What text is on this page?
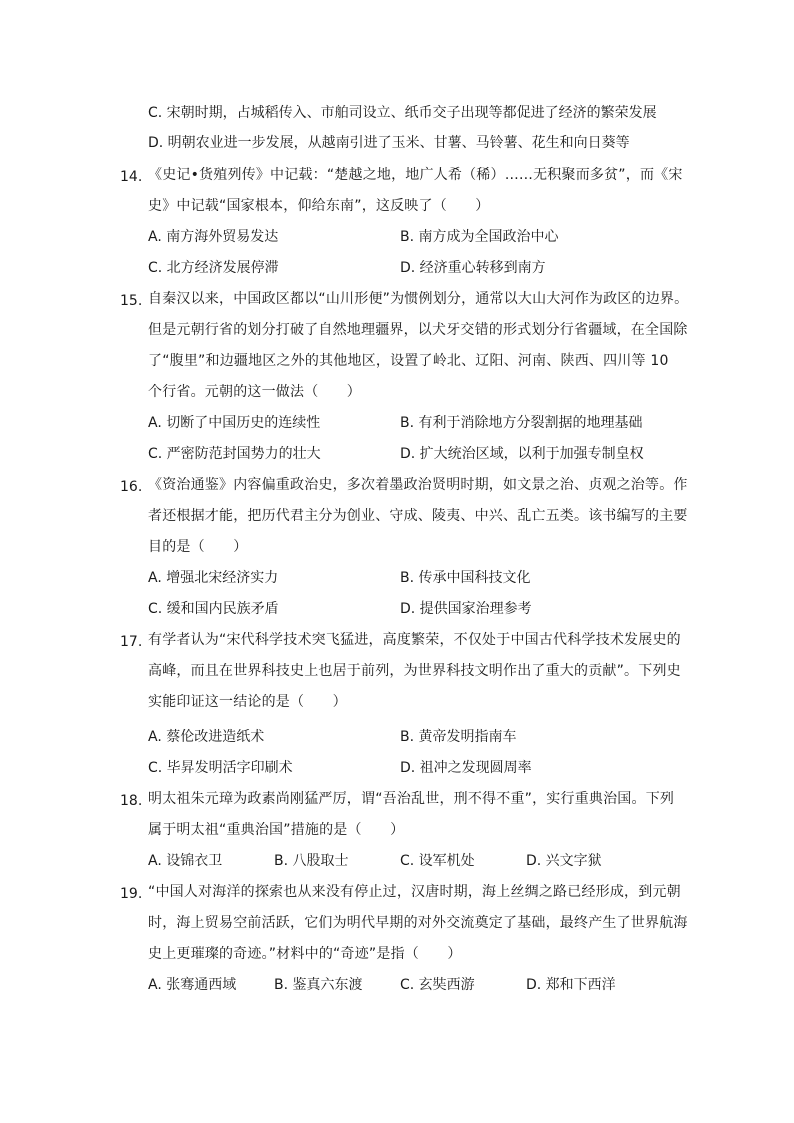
C. 宋朝时期，占城稻传入、市舶司设立、纸币交子出现等都促进了经济的繁荣发展
D. 明朝农业进一步发展，从越南引进了玉米、甘薯、马铃薯、花生和向日葵等
14. 《史记•货殖列传》中记载：“楚越之地，地广人希（稀）……无积聚而多贫”，而《宋
史》中记载“国家根本，仰给东南”，这反映了（　　）
A. 南方海外贸易发达	B. 南方成为全国政治中心
C. 北方经济发展停滞	D. 经济重心转移到南方
15. 自秦汉以来，中国政区都以“山川形便”为惯例划分，通常以大山大河作为政区的边界。
但是元朝行省的划分打破了自然地理疆界，以犬牙交错的形式划分行省疆域，在全国除
了“腹里”和边疆地区之外的其他地区，设置了岭北、辽阳、河南、陕西、四川等 10
个行省。元朝的这一做法（　　）
A. 切断了中国历史的连续性	B. 有利于消除地方分裂割据的地理基础
C. 严密防范封国势力的壮大	D. 扩大统治区域，以利于加强专制皇权
16. 《资治通鉴》内容偏重政治史，多次着墨政治贤明时期，如文景之治、贞观之治等。作
者还根据才能，把历代君主分为创业、守成、陵夷、中兴、乱亡五类。该书编写的主要
目的是（　　）
A. 增强北宋经济实力	B. 传承中国科技文化
C. 缓和国内民族矛盾	D. 提供国家治理参考
17. 有学者认为“宋代科学技术突飞猛进，高度繁荣，不仅处于中国古代科学技术发展史的
高峰，而且在世界科技史上也居于前列，为世界科技文明作出了重大的贡献”。下列史
实能印证这一结论的是（　　）
A. 蔡伦改进造纸术	B. 黄帝发明指南车
C. 毕昇发明活字印刷术	D. 祖冲之发现圆周率
18. 明太祖朱元璋为政素尚刚猛严厉，谓“吾治乱世，刑不得不重”，实行重典治国。下列
属于明太祖“重典治国”措施的是（　　）
A. 设锦衣卫	B. 八股取士	C. 设军机处	D. 兴文字狱
19. “中国人对海洋的探索也从来没有停止过，汉唐时期，海上丝绸之路已经形成，到元朝
时，海上贸易空前活跃，它们为明代早期的对外交流奠定了基础，最终产生了世界航海
史上更璀璨的奇迹。”材料中的“奇迹”是指（　　）
A. 张骞通西域	B. 鉴真六东渡	C. 玄奘西游	D. 郑和下西洋
